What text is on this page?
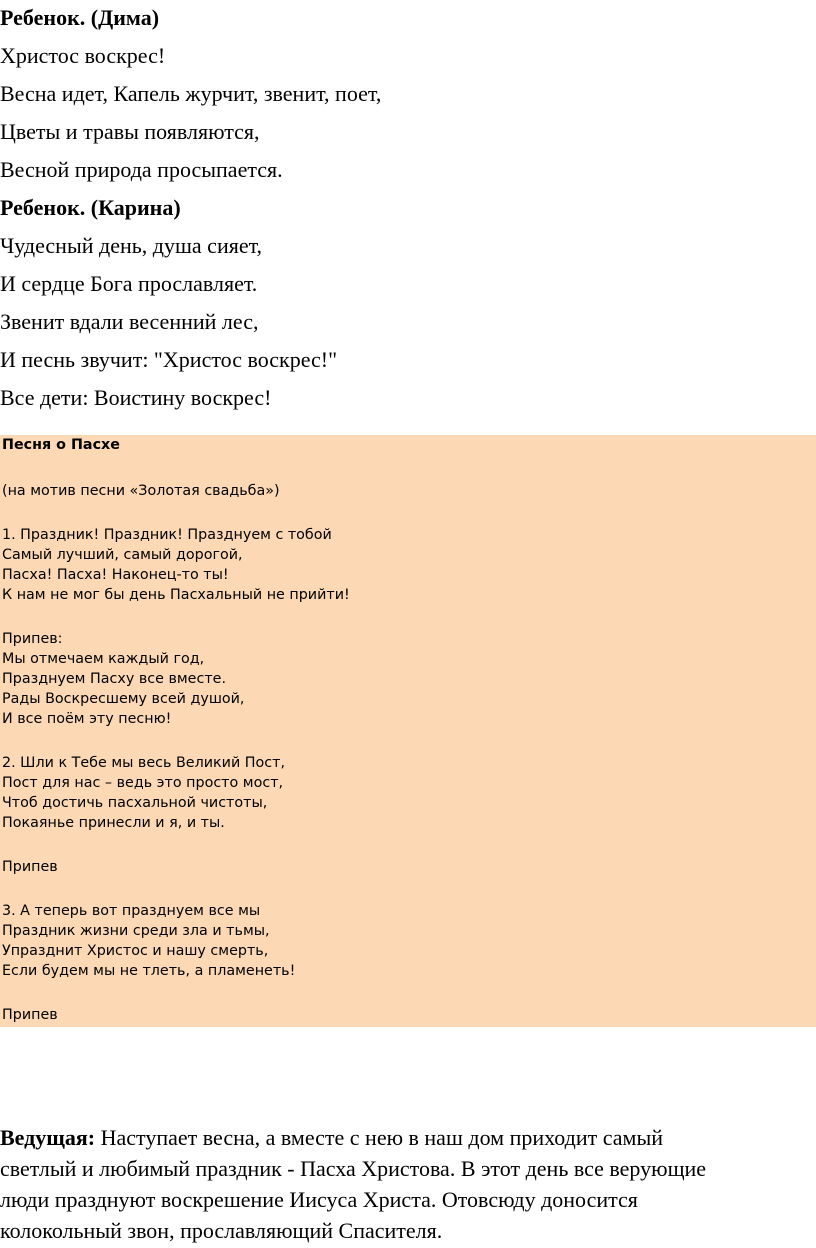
Ребенок. (Дима)
Христос воскрес!
Весна идет, Капель журчит, звенит, поет,
Цветы и травы появляются,
Весной природа просыпается.
Ребенок. (Карина)
Чудесный день, душа сияет,
И сердце Бога прославляет.
Звенит вдали весенний лес,
И песнь звучит: "Христос воскрес!"
Все дети: Воистину воскрес!
Песня о Пасхе
(на мотив песни «Золотая свадьба»)
1. Праздник! Праздник! Празднуем с тобой
Самый лучший, самый дорогой,
Пасха! Пасха! Наконец-то ты!
К нам не мог бы день Пасхальный не прийти!
Припев:
Мы отмечаем каждый год,
Празднуем Пасху все вместе.
Рады Воскресшему всей душой,
И все поём эту песню!
2. Шли к Тебе мы весь Великий Пост,
Пост для нас – ведь это просто мост,
Чтоб достичь пасхальной чистоты,
Покаянье принесли и я, и ты.
Припев
3. А теперь вот празднуем все мы
Праздник жизни среди зла и тьмы,
Упразднит Христос и нашу смерть,
Если будем мы не тлеть, а пламенеть!
Припев

Ведущая: Наступает весна, а вместе с нею в наш дом приходит самый

светлый и любимый праздник - Пасха Христова. В этот день все верующие

люди празднуют воскрешение Иисуса Христа. Отовсюду доносится

колокольный звон, прославляющий Спасителя.
